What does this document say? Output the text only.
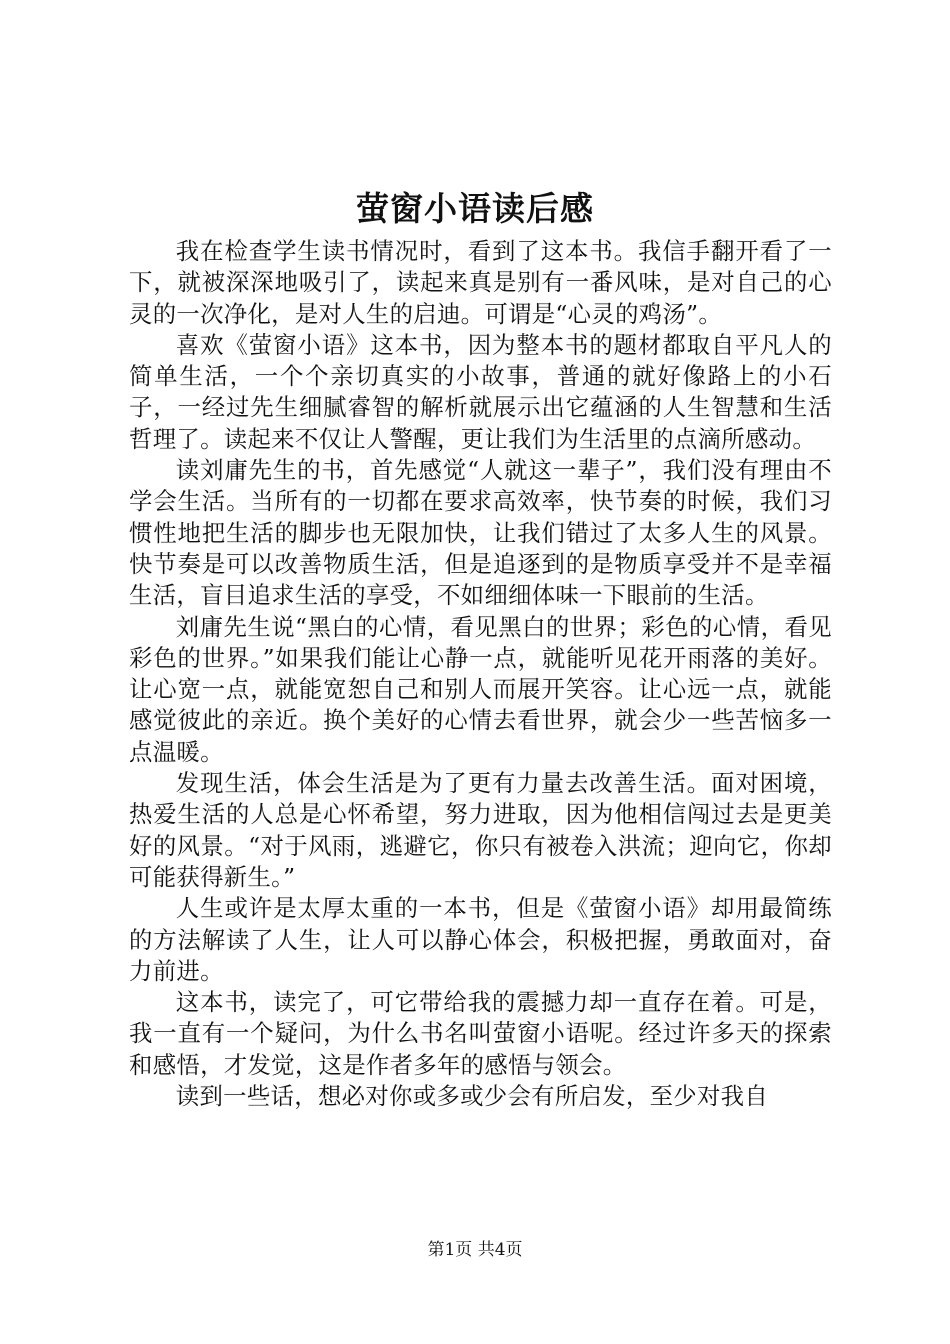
萤窗小语读后感

我在检查学生读书情况时，看到了这本书。我信手翻开看了一下，就被深深地吸引了，读起来真是别有一番风味，是对自己的心灵的一次净化，是对人生的启迪。可谓是“心灵的鸡汤”。

喜欢《萤窗小语》这本书，因为整本书的题材都取自平凡人的简单生活，一个个亲切真实的小故事，普通的就好像路上的小石子，一经过先生细腻睿智的解析就展示出它蕴涵的人生智慧和生活哲理了。读起来不仅让人警醒，更让我们为生活里的点滴所感动。

读刘庸先生的书，首先感觉“人就这一辈子”，我们没有理由不学会生活。当所有的一切都在要求高效率，快节奏的时候，我们习惯性地把生活的脚步也无限加快，让我们错过了太多人生的风景。快节奏是可以改善物质生活，但是追逐到的是物质享受并不是幸福生活，盲目追求生活的享受，不如细细体味一下眼前的生活。

刘庸先生说“黑白的心情，看见黑白的世界；彩色的心情，看见彩色的世界。”如果我们能让心静一点，就能听见花开雨落的美好。让心宽一点，就能宽恕自己和别人而展开笑容。让心远一点，就能感觉彼此的亲近。换个美好的心情去看世界，就会少一些苦恼多一点温暖。

发现生活，体会生活是为了更有力量去改善生活。面对困境，热爱生活的人总是心怀希望，努力进取，因为他相信闯过去是更美好的风景。“对于风雨，逃避它，你只有被卷入洪流；迎向它，你却可能获得新生。”

人生或许是太厚太重的一本书，但是《萤窗小语》却用最简练的方法解读了人生，让人可以静心体会，积极把握，勇敢面对，奋力前进。

这本书，读完了，可它带给我的震撼力却一直存在着。可是，我一直有一个疑问，为什么书名叫萤窗小语呢。经过许多天的探索和感悟，才发觉，这是作者多年的感悟与领会。

读到一些话，想必对你或多或少会有所启发，至少对我自

第1页 共4页
